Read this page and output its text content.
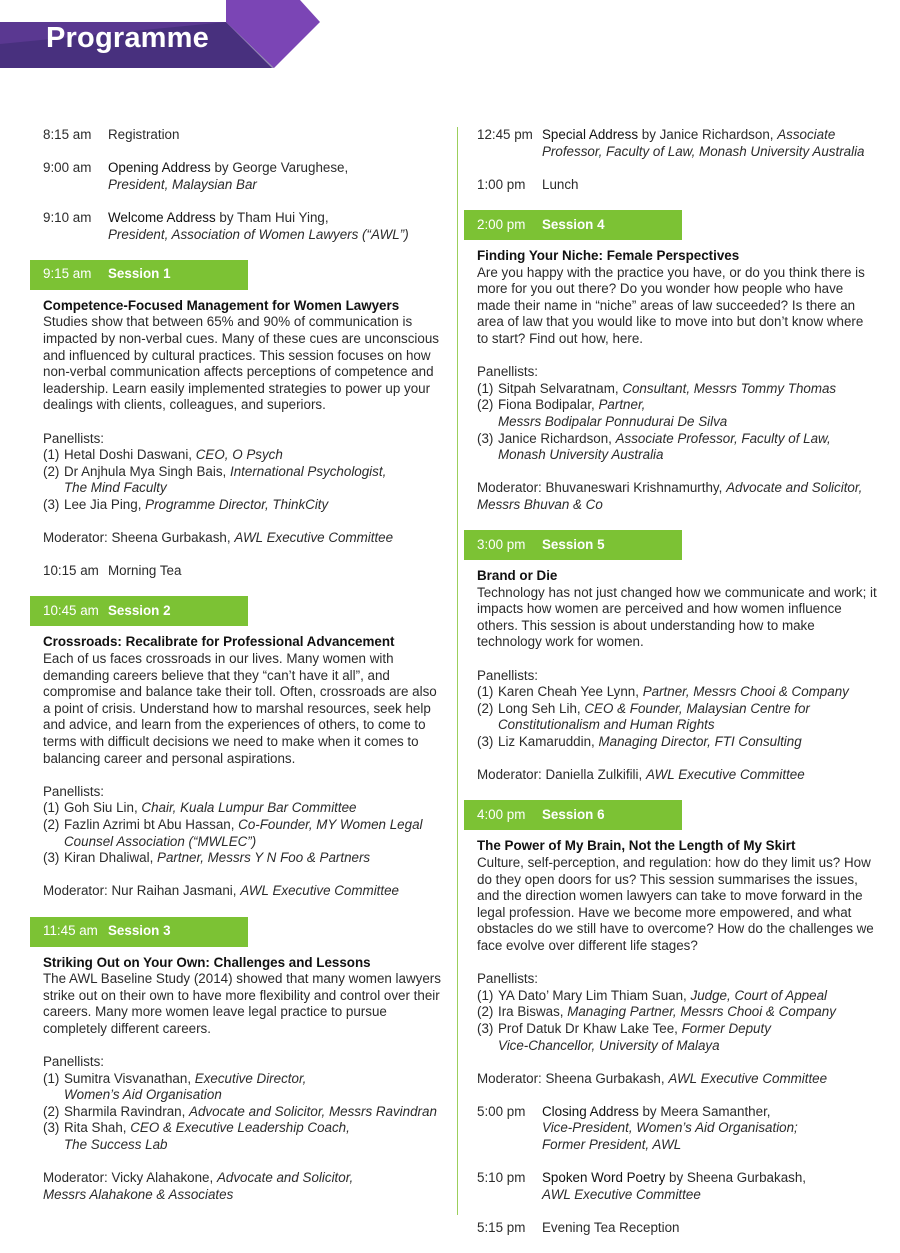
Programme
8:15 am	Registration
9:00 am	Opening Address by George Varughese,
President, Malaysian Bar
9:10 am	Welcome Address by Tham Hui Ying,
President, Association of Women Lawyers (“AWL”)
9:15 am	Session 1
Competence-Focused Management for Women Lawyers
Studies show that between 65% and 90% of communication is impacted by non-verbal cues. Many of these cues are unconscious and influenced by cultural practices. This session focuses on how non-verbal communication affects perceptions of competence and leadership. Learn easily implemented strategies to power up your dealings with clients, colleagues, and superiors.
Panellists:
(1) Hetal Doshi Daswani, CEO, O Psych
(2) Dr Anjhula Mya Singh Bais, International Psychologist,
The Mind Faculty
(3) Lee Jia Ping, Programme Director, ThinkCity
Moderator: Sheena Gurbakash, AWL Executive Committee
10:15 am Morning Tea
10:45 am Session 2
Crossroads: Recalibrate for Professional Advancement
Each of us faces crossroads in our lives. Many women with demanding careers believe that they “can’t have it all”, and compromise and balance take their toll. Often, crossroads are also a point of crisis. Understand how to marshal resources, seek help and advice, and learn from the experiences of others, to come to terms with difficult decisions we need to make when it comes to balancing career and personal aspirations.
Panellists:
(1) Goh Siu Lin, Chair, Kuala Lumpur Bar Committee
(2) Fazlin Azrimi bt Abu Hassan, Co-Founder, MY Women Legal
Counsel Association (“MWLEC”)
(3) Kiran Dhaliwal, Partner, Messrs Y N Foo & Partners
Moderator: Nur Raihan Jasmani, AWL Executive Committee
11:45 am Session 3
Striking Out on Your Own: Challenges and Lessons
The AWL Baseline Study (2014) showed that many women lawyers strike out on their own to have more flexibility and control over their careers. Many more women leave legal practice to pursue completely different careers.
Panellists:
(1) Sumitra Visvanathan, Executive Director,
Women’s Aid Organisation
(2) Sharmila Ravindran, Advocate and Solicitor, Messrs Ravindran
(3) Rita Shah, CEO & Executive Leadership Coach,
The Success Lab
Moderator: Vicky Alahakone, Advocate and Solicitor,
Messrs Alahakone & Associates
12:45 pm Special Address by Janice Richardson, Associate
Professor, Faculty of Law, Monash University Australia
1:00 pm	Lunch
2:00 pm	Session 4
Finding Your Niche: Female Perspectives
Are you happy with the practice you have, or do you think there is more for you out there? Do you wonder how people who have made their name in “niche” areas of law succeeded? Is there an area of law that you would like to move into but don’t know where to start? Find out how, here.
Panellists:
(1) Sitpah Selvaratnam, Consultant, Messrs Tommy Thomas
(2) Fiona Bodipalar, Partner,
Messrs Bodipalar Ponnudurai De Silva
(3) Janice Richardson, Associate Professor, Faculty of Law,
Monash University Australia
Moderator: Bhuvaneswari Krishnamurthy, Advocate and Solicitor,
Messrs Bhuvan & Co
3:00 pm	Session 5
Brand or Die
Technology has not just changed how we communicate and work; it impacts how women are perceived and how women influence others. This session is about understanding how to make technology work for women.
Panellists:
(1) Karen Cheah Yee Lynn, Partner, Messrs Chooi & Company
(2) Long Seh Lih, CEO & Founder, Malaysian Centre for
Constitutionalism and Human Rights
(3) Liz Kamaruddin, Managing Director, FTI Consulting
Moderator: Daniella Zulkifili, AWL Executive Committee
4:00 pm	Session 6
The Power of My Brain, Not the Length of My Skirt
Culture, self-perception, and regulation: how do they limit us? How do they open doors for us? This session summarises the issues, and the direction women lawyers can take to move forward in the legal profession. Have we become more empowered, and what obstacles do we still have to overcome? How do the challenges we face evolve over different life stages?
Panellists:
(1) YA Dato’ Mary Lim Thiam Suan, Judge, Court of Appeal
(2) Ira Biswas, Managing Partner, Messrs Chooi & Company
(3) Prof Datuk Dr Khaw Lake Tee, Former Deputy
Vice-Chancellor, University of Malaya
Moderator: Sheena Gurbakash, AWL Executive Committee
5:00 pm	Closing Address by Meera Samanther,
Vice-President, Women’s Aid Organisation;
Former President, AWL
5:10 pm	Spoken Word Poetry by Sheena Gurbakash,
AWL Executive Committee
5:15 pm	Evening Tea Reception
